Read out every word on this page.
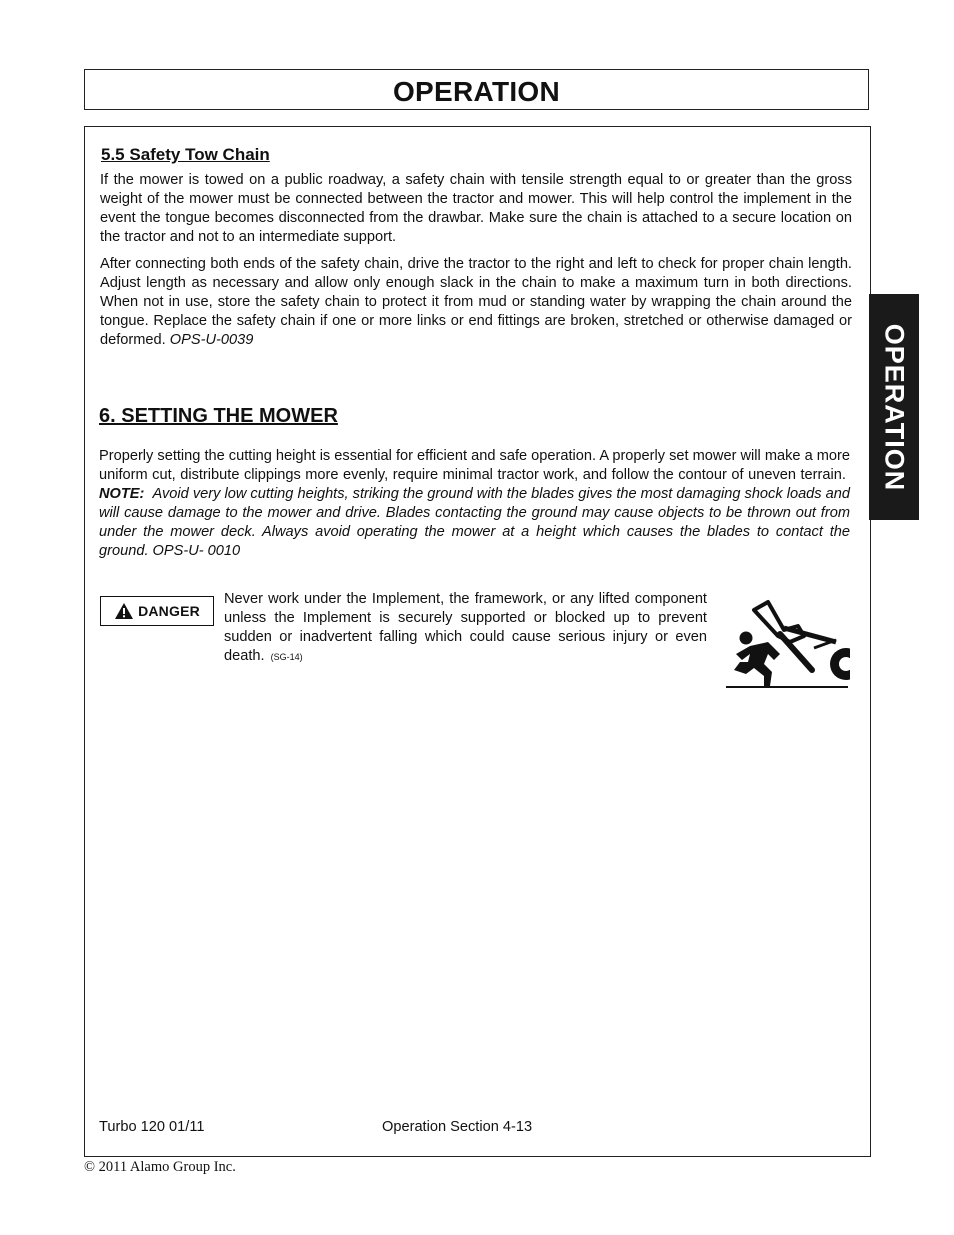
OPERATION
OPERATION
5.5 Safety Tow Chain
If the mower is towed on a public roadway, a safety chain with tensile strength equal to or greater than the gross weight of the mower must be connected between the tractor and mower. This will help control the implement in the event the tongue becomes disconnected from the drawbar. Make sure the chain is attached to a secure location on the tractor and not to an intermediate support.
After connecting both ends of the safety chain, drive the tractor to the right and left to check for proper chain length. Adjust length as necessary and allow only enough slack in the chain to make a maximum turn in both directions. When not in use, store the safety chain to protect it from mud or standing water by wrapping the chain around the tongue. Replace the safety chain if one or more links or end fittings are broken, stretched or otherwise damaged or deformed. OPS-U-0039
6. SETTING THE MOWER
Properly setting the cutting height is essential for efficient and safe operation. A properly set mower will make a more uniform cut, distribute clippings more evenly, require minimal tractor work, and follow the contour of uneven terrain.  NOTE: Avoid very low cutting heights, striking the ground with the blades gives the most damaging shock loads and will cause damage to the mower and drive. Blades contacting the ground may cause objects to be thrown out from under the mower deck. Always avoid operating the mower at a height which causes the blades to contact the ground. OPS-U- 0010
DANGER
Never work under the Implement, the framework, or any lifted component unless the Implement is securely supported or blocked up to prevent sudden or inadvertent falling which could cause serious injury or even death. (SG-14)
Turbo 120 01/11	Operation Section 4-13
© 2011 Alamo Group Inc.
